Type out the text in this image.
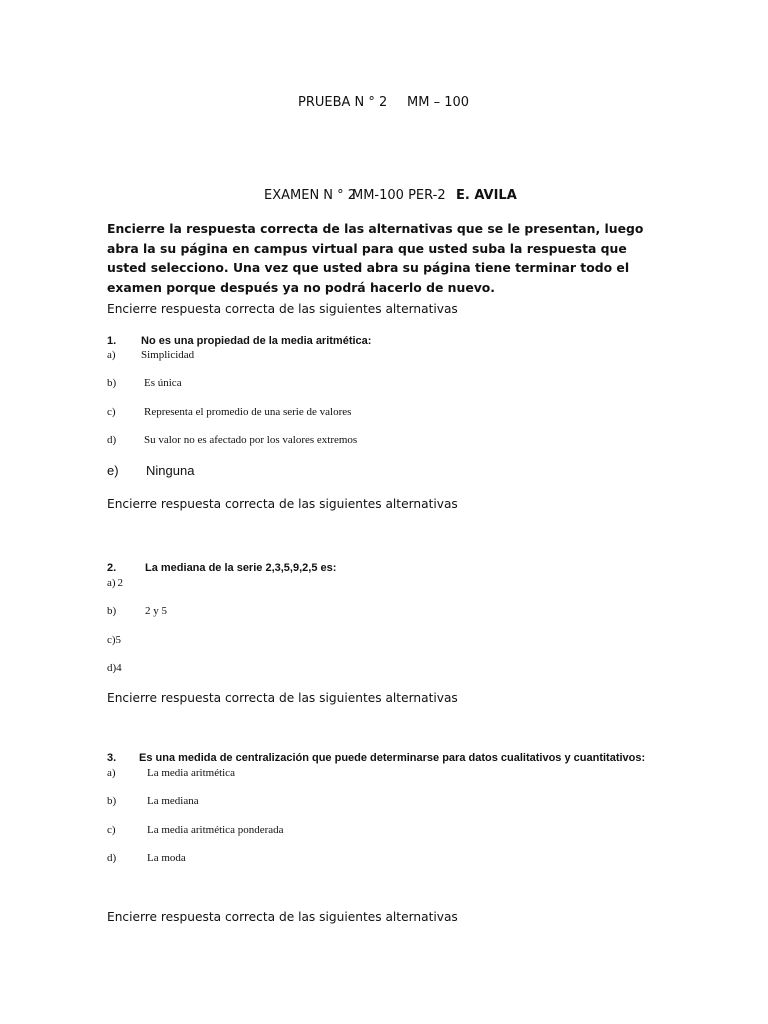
PRUEBA N ° 2 MM – 100
EXAMEN N ° 2
MM-100 PER-2 E. AVILA
Encierre la respuesta correcta de las alternativas que se le presentan, luego abra la su página en campus virtual para que usted suba la respuesta que usted selecciono. Una vez que usted abra su página tiene terminar todo el examen porque después ya no podrá hacerlo de nuevo.
Encierre respuesta correcta de las siguientes alternativas
1. No es una propiedad de la media aritmética:
a) Simplicidad
b)	Es única
c)	Representa el promedio de una serie de valores
d)	Su valor no es afectado por los valores extremos
e) Ninguna
Encierre respuesta correcta de las siguientes alternativas
2.	La mediana de la serie 2,3,5,9,2,5 es:
a) 2
b)	2 y 5
c)5
d)4
Encierre respuesta correcta de las siguientes alternativas
3. Es una medida de centralización que puede determinarse para datos cualitativos y cuantitativos:
a)	La media aritmética
b)	La mediana
c)	La media aritmética ponderada
d)	La moda
Encierre respuesta correcta de las siguientes alternativas
